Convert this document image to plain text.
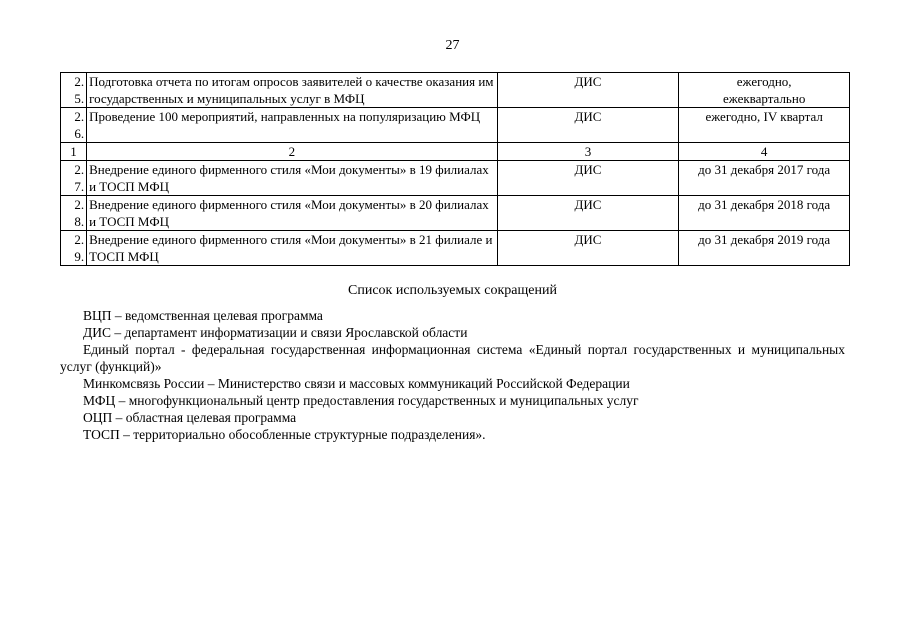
27
2.
5.	Подготовка отчета по итогам опросов заявителей о качестве оказания им государственных и муниципальных услуг в МФЦ	ДИС	ежегодно,
ежеквартально
2.
6.	Проведение 100 мероприятий, направленных на популяризацию МФЦ	ДИС	ежегодно, IV квартал
1	2	3	4
2.
7.	Внедрение единого фирменного стиля «Мои документы» в 19 филиалах и ТОСП МФЦ	ДИС	до 31 декабря 2017 года
2.
8.	Внедрение единого фирменного стиля «Мои документы» в 20 филиалах и ТОСП МФЦ	ДИС	до 31 декабря 2018 года
2.
9.	Внедрение единого фирменного стиля «Мои документы» в 21 филиале и ТОСП МФЦ	ДИС	до 31 декабря 2019 года
Список используемых сокращений

ВЦП – ведомственная целевая программа

ДИС – департамент информатизации и связи Ярославской области

Единый портал - федеральная государственная информационная система «Единый портал государственных и муниципальных услуг (функций)»

Минкомсвязь России – Министерство связи и массовых коммуникаций Российской Федерации

МФЦ – многофункциональный центр предоставления государственных и муниципальных услуг

ОЦП – областная целевая программа

ТОСП – территориально обособленные структурные подразделения».
